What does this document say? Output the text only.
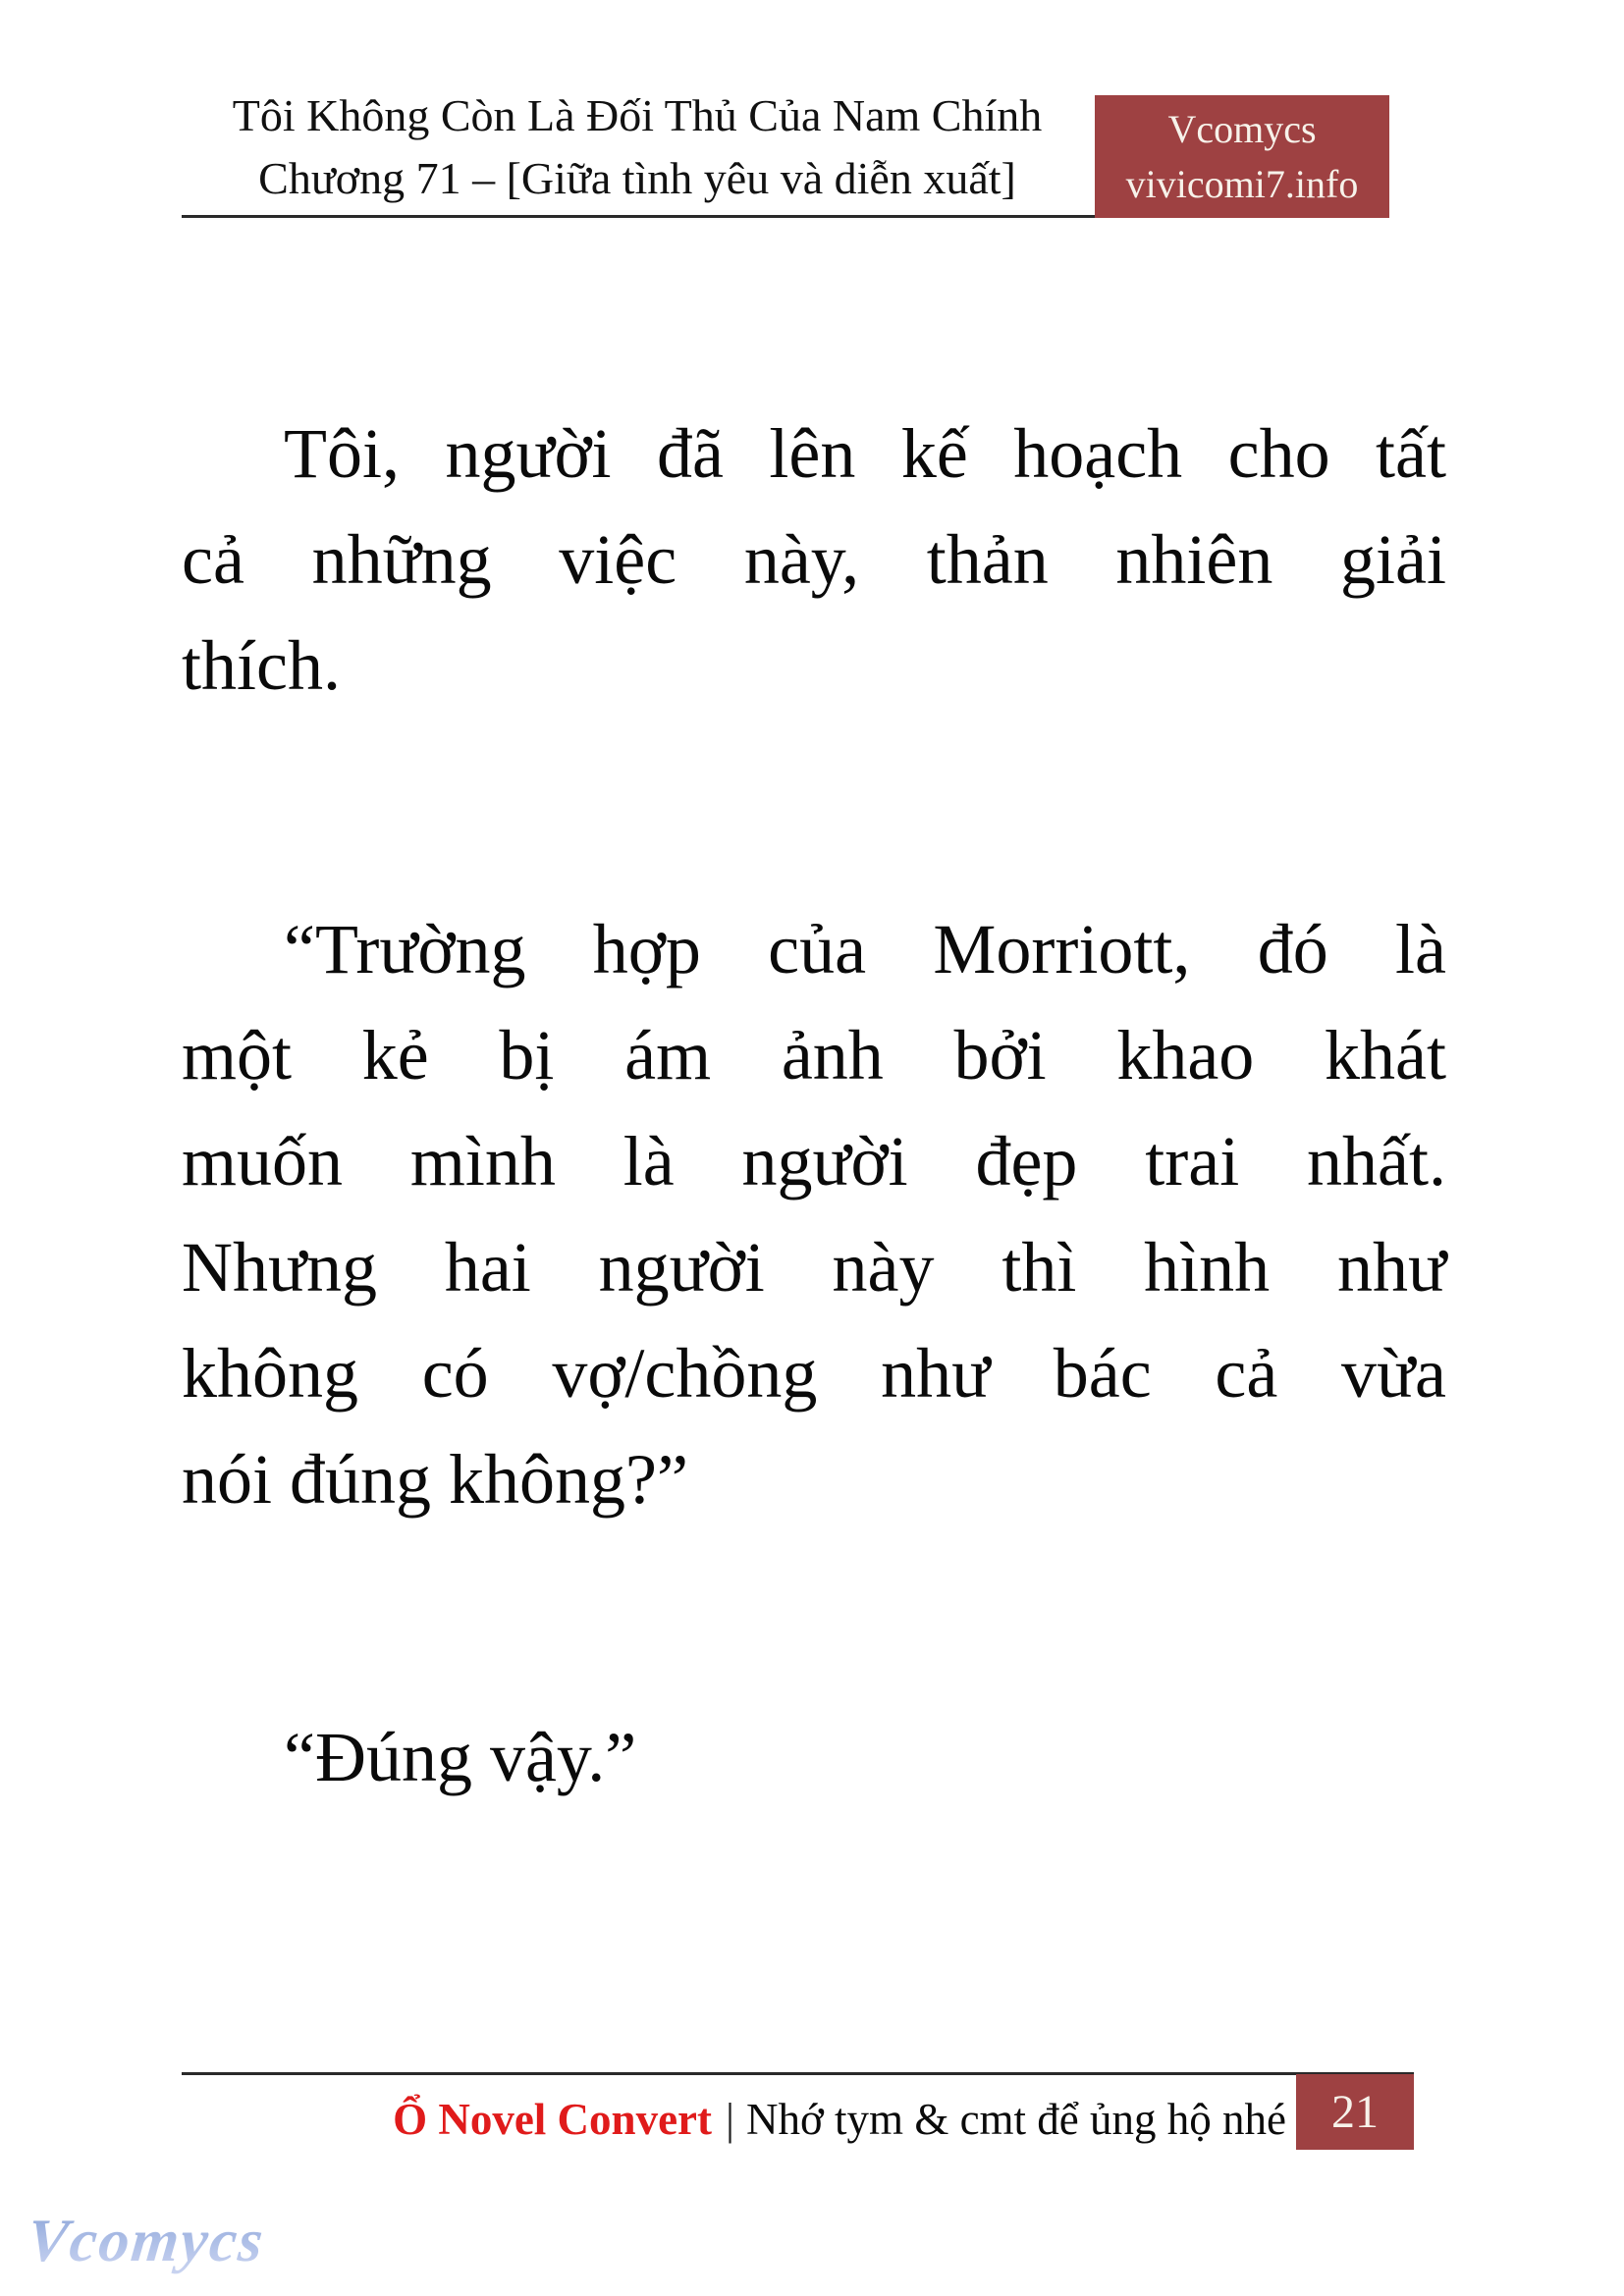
Tôi Không Còn Là Đối Thủ Của Nam Chính
Chương 71 – [Giữa tình yêu và diễn xuất]
Vcomycs
vivicomi7.info
Tôi, người đã lên kế hoạch cho tất
cả những việc này, thản nhiên giải
thích.
“Trường hợp của Morriott, đó là
một kẻ bị ám ảnh bởi khao khát
muốn mình là người đẹp trai nhất.
Nhưng hai người này thì hình như
không có vợ/chồng như bác cả vừa
nói đúng không?”
“Đúng vậy.”
Ổ Novel Convert | Nhớ tym & cmt để ủng hộ nhé 21
Vcomycs
